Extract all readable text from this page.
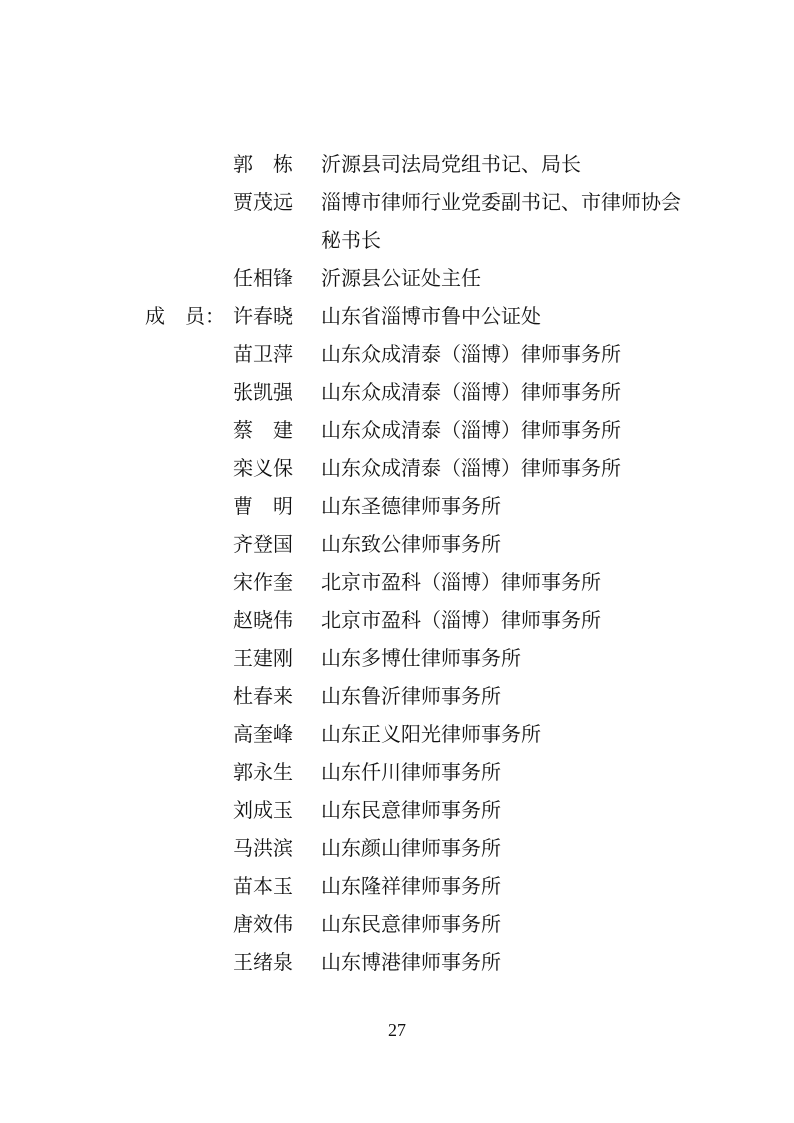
郭　栋	沂源县司法局党组书记、局长
贾茂远	淄博市律师行业党委副书记、市律师协会
秘书长
任相锋	沂源县公证处主任
成　员： 许春晓	山东省淄博市鲁中公证处
苗卫萍	山东众成清泰（淄博）律师事务所
张凯强	山东众成清泰（淄博）律师事务所
蔡　建	山东众成清泰（淄博）律师事务所
栾义保	山东众成清泰（淄博）律师事务所
曹　明	山东圣德律师事务所
齐登国	山东致公律师事务所
宋作奎	北京市盈科（淄博）律师事务所
赵晓伟	北京市盈科（淄博）律师事务所
王建刚	山东多博仕律师事务所
杜春来	山东鲁沂律师事务所
高奎峰	山东正义阳光律师事务所
郭永生	山东仟川律师事务所
刘成玉	山东民意律师事务所
马洪滨	山东颜山律师事务所
苗本玉	山东隆祥律师事务所
唐效伟	山东民意律师事务所
王绪泉	山东博港律师事务所
27
